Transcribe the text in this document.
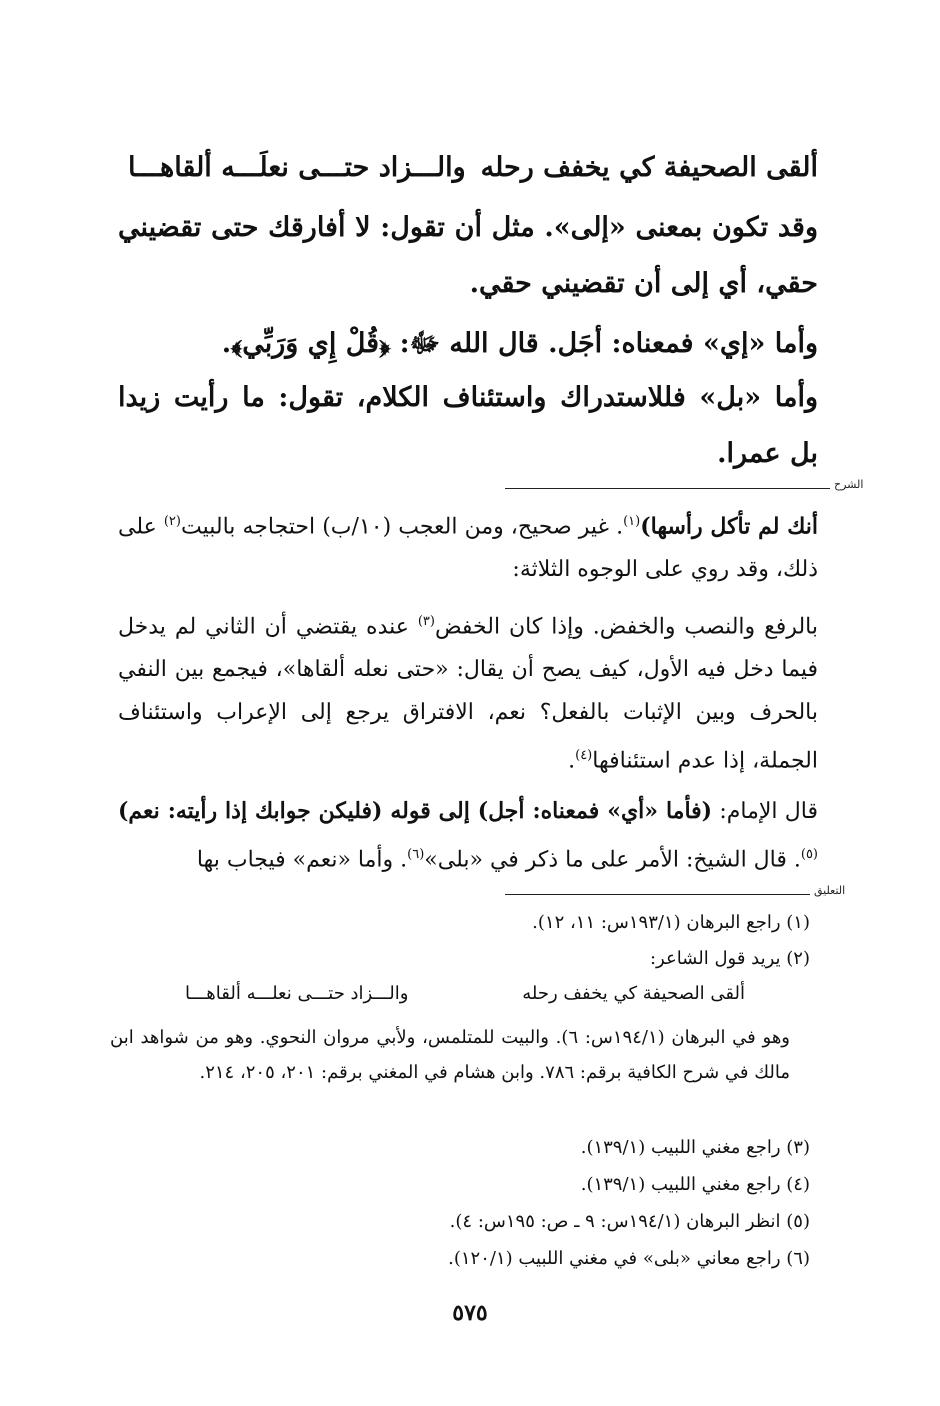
ألقى الصحيفة كي يخفف رحله
والـــزاد حتـــى نعلَـــه ألقاهـــا
وقد تكون بمعنى «إلى». مثل أن تقول: لا أفارقك حتى تقضيني حقي، أي إلى أن تقضيني حقي.
وأما «إي» فمعناه: أجَل. قال الله ﷻ: ﴿قُلْ إِي وَرَبِّي﴾.
وأما «بل» فللاستدراك واستئناف الكلام، تقول: ما رأيت زيدا بل عمرا.
الشرح
أنك لم تأكل رأسها)$^{(١)}$. غير صحيح، ومن العجب (١٠/ب) احتجاجه بالبيت$^{(٢)}$ على ذلك، وقد روي على الوجوه الثلاثة:
بالرفع والنصب والخفض. وإذا كان الخفض$^{(٣)}$ عنده يقتضي أن الثاني لم يدخل فيما دخل فيه الأول، كيف يصح أن يقال: «حتى نعله ألقاها»، فيجمع بين النفي بالحرف وبين الإثبات بالفعل؟ نعم، الافتراق يرجع إلى الإعراب واستئناف الجملة، إذا عدم استئنافها$^{(٤)}$.
قال الإمام: (فأما «أي» فمعناه: أجل) إلى قوله (فليكن جوابك إذا رأيته: نعم)$^{(٥)}$. قال الشيخ: الأمر على ما ذكر في «بلى»$^{(٦)}$. وأما «نعم» فيجاب بها
التعليق
(١) راجع البرهان (١٩٣/١س: ١١، ١٢).
(٢) يريد قول الشاعر:
ألقى الصحيفة كي يخفف رحله
والـــزاد حتـــى نعلـــه ألقاهـــا
وهو في البرهان (١٩٤/١س: ٦). والبيت للمتلمس، ولأبي مروان النحوي. وهو من شواهد ابن مالك في شرح الكافية برقم: ٧٨٦. وابن هشام في المغني برقم: ٢٠١، ٢٠٥، ٢١٤.
(٣) راجع مغني اللبيب (١٣٩/١).
(٤) راجع مغني اللبيب (١٣٩/١).
(٥) انظر البرهان (١٩٤/١س: ٩ ـ ص: ١٩٥س: ٤).
(٦) راجع معاني «بلى» في مغني اللبيب (١٢٠/١).
٥٧٥
